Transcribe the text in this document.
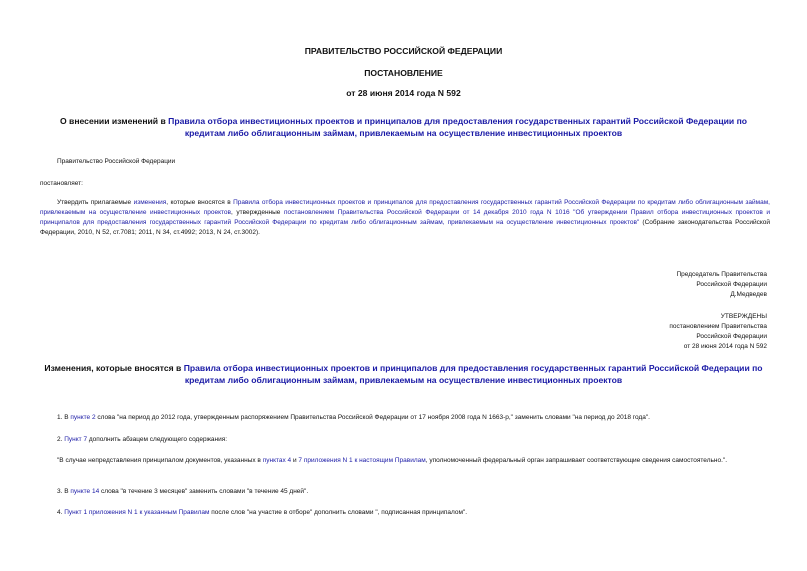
ПРАВИТЕЛЬСТВО РОССИЙСКОЙ ФЕДЕРАЦИИ
ПОСТАНОВЛЕНИЕ
от 28 июня 2014 года N 592
О внесении изменений в Правила отбора инвестиционных проектов и принципалов для предоставления государственных гарантий Российской Федерации по кредитам либо облигационным займам, привлекаемым на осуществление инвестиционных проектов
Правительство Российской Федерации
постановляет:
Утвердить прилагаемые изменения, которые вносятся в Правила отбора инвестиционных проектов и принципалов для предоставления государственных гарантий Российской Федерации по кредитам либо облигационным займам, привлекаемым на осуществление инвестиционных проектов, утвержденные постановлением Правительства Российской Федерации от 14 декабря 2010 года N 1016 "Об утверждении Правил отбора инвестиционных проектов и принципалов для предоставления государственных гарантий Российской Федерации по кредитам либо облигационным займам, привлекаемым на осуществление инвестиционных проектов" (Собрание законодательства Российской Федерации, 2010, N 52, ст.7081; 2011, N 34, ст.4992; 2013, N 24, ст.3002).
Председатель Правительства
Российской Федерации
Д.Медведев
УТВЕРЖДЕНЫ
постановлением Правительства
Российской Федерации
от 28 июня 2014 года N 592
Изменения, которые вносятся в Правила отбора инвестиционных проектов и принципалов для предоставления государственных гарантий Российской Федерации по кредитам либо облигационным займам, привлекаемым на осуществление инвестиционных проектов
1. В пункте 2 слова "на период до 2012 года, утвержденным распоряжением Правительства Российской Федерации от 17 ноября 2008 года N 1663-р," заменить словами "на период до 2018 года".
2. Пункт 7 дополнить абзацем следующего содержания:
"В случае непредставления принципалом документов, указанных в пунктах 4 и 7 приложения N 1 к настоящим Правилам, уполномоченный федеральный орган запрашивает соответствующие сведения самостоятельно.".
3. В пункте 14 слова "в течение 3 месяцев" заменить словами "в течение 45 дней".
4. Пункт 1 приложения N 1 к указанным Правилам после слов "на участие в отборе" дополнить словами ", подписанная принципалом".
